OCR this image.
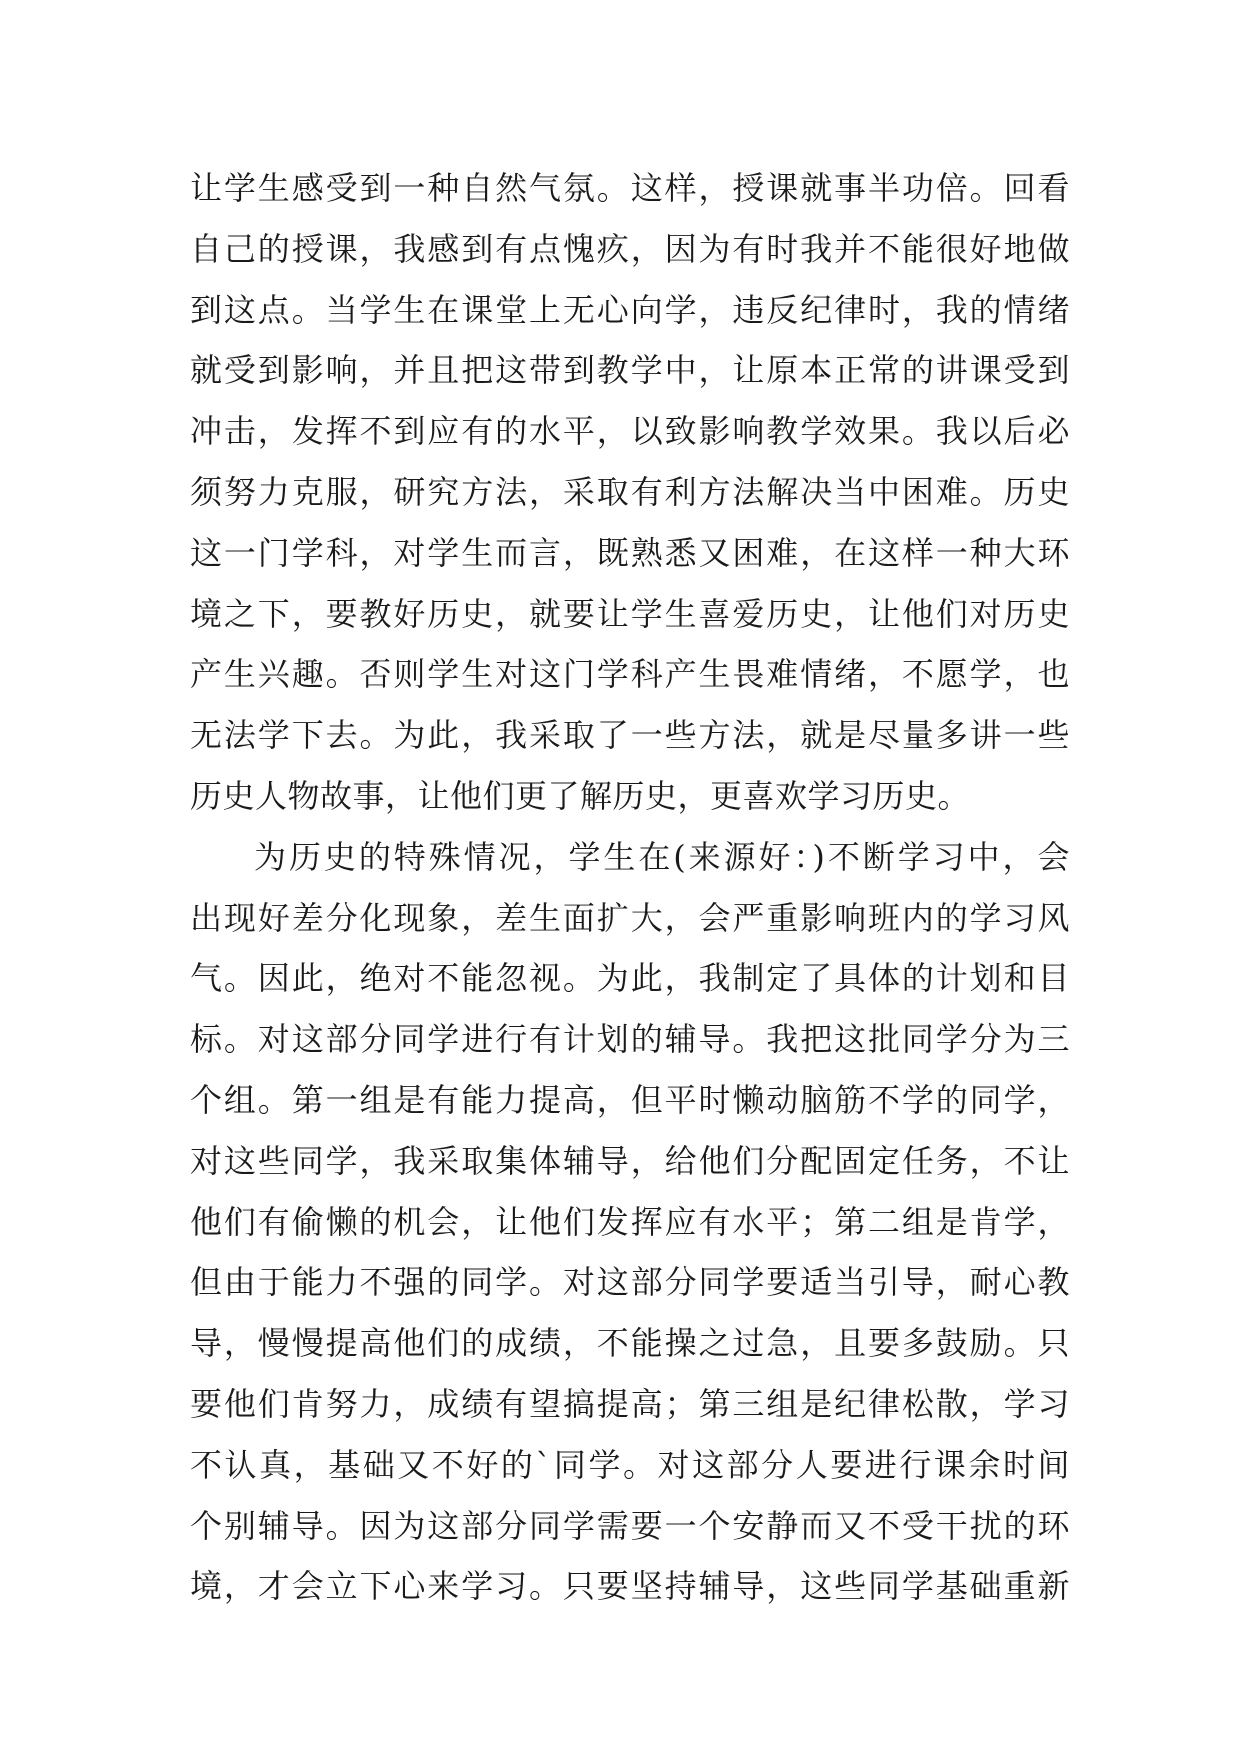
让学生感受到一种自然气氛。这样，授课就事半功倍。回看
自己的授课，我感到有点愧疚，因为有时我并不能很好地做
到这点。当学生在课堂上无心向学，违反纪律时，我的情绪
就受到影响，并且把这带到教学中，让原本正常的讲课受到
冲击，发挥不到应有的水平，以致影响教学效果。我以后必
须努力克服，研究方法，采取有利方法解决当中困难。历史
这一门学科，对学生而言，既熟悉又困难，在这样一种大环
境之下，要教好历史，就要让学生喜爱历史，让他们对历史
产生兴趣。否则学生对这门学科产生畏难情绪，不愿学，也
无法学下去。为此，我采取了一些方法，就是尽量多讲一些
历史人物故事，让他们更了解历史，更喜欢学习历史。
为历史的特殊情况，学生在(来源好：)不断学习中，会
出现好差分化现象，差生面扩大，会严重影响班内的学习风
气。因此，绝对不能忽视。为此，我制定了具体的计划和目
标。对这部分同学进行有计划的辅导。我把这批同学分为三
个组。第一组是有能力提高，但平时懒动脑筋不学的同学，
对这些同学，我采取集体辅导，给他们分配固定任务，不让
他们有偷懒的机会，让他们发挥应有水平；第二组是肯学，
但由于能力不强的同学。对这部分同学要适当引导，耐心教
导，慢慢提高他们的成绩，不能操之过急，且要多鼓励。只
要他们肯努力，成绩有望搞提高；第三组是纪律松散，学习
不认真，基础又不好的`同学。对这部分人要进行课余时间
个别辅导。因为这部分同学需要一个安静而又不受干扰的环
境，才会立下心来学习。只要坚持辅导，这些同学基础重新
